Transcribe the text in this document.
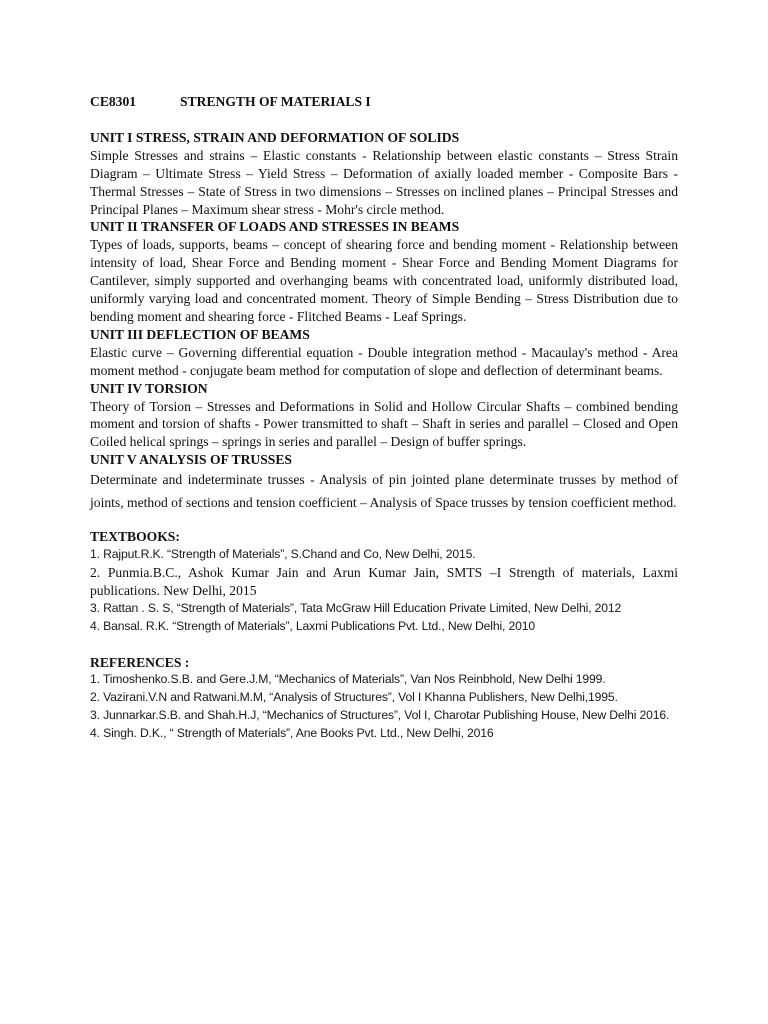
CE8301	STRENGTH OF MATERIALS I
UNIT I STRESS, STRAIN AND DEFORMATION OF SOLIDS

Simple Stresses and strains – Elastic constants - Relationship between elastic constants – Stress Strain Diagram – Ultimate Stress – Yield Stress – Deformation of axially loaded member - Composite Bars - Thermal Stresses – State of Stress in two dimensions – Stresses on inclined planes – Principal Stresses and Principal Planes – Maximum shear stress - Mohr's circle method.

UNIT II TRANSFER OF LOADS AND STRESSES IN BEAMS

Types of loads, supports, beams – concept of shearing force and bending moment - Relationship between intensity of load, Shear Force and Bending moment - Shear Force and Bending Moment Diagrams for Cantilever, simply supported and overhanging beams with concentrated load, uniformly distributed load, uniformly varying load and concentrated moment. Theory of Simple Bending – Stress Distribution due to bending moment and shearing force - Flitched Beams - Leaf Springs.

UNIT III DEFLECTION OF BEAMS

Elastic curve – Governing differential equation - Double integration method - Macaulay's method - Area moment method - conjugate beam method for computation of slope and deflection of determinant beams.

UNIT IV TORSION

Theory of Torsion – Stresses and Deformations in Solid and Hollow Circular Shafts – combined bending moment and torsion of shafts - Power transmitted to shaft – Shaft in series and parallel – Closed and Open Coiled helical springs – springs in series and parallel – Design of buffer springs.

UNIT V ANALYSIS OF TRUSSES

Determinate and indeterminate trusses - Analysis of pin jointed plane determinate trusses by method of joints, method of sections and tension coefficient – Analysis of Space trusses by tension coefficient method.

TEXTBOOKS:
1. Rajput.R.K. “Strength of Materials”, S.Chand and Co, New Delhi, 2015.
2. Punmia.B.C., Ashok Kumar Jain and Arun Kumar Jain, SMTS –I Strength of materials, Laxmi publications. New Delhi, 2015
3. Rattan . S. S, “Strength of Materials”, Tata McGraw Hill Education Private Limited, New Delhi, 2012
4. Bansal. R.K. “Strength of Materials”, Laxmi Publications Pvt. Ltd., New Delhi, 2010
REFERENCES :
1. Timoshenko.S.B. and Gere.J.M, “Mechanics of Materials”, Van Nos Reinbhold, New Delhi 1999.
2. Vazirani.V.N and Ratwani.M.M, “Analysis of Structures”, Vol I Khanna Publishers, New Delhi,1995.
3. Junnarkar.S.B. and Shah.H.J, “Mechanics of Structures”, Vol I, Charotar Publishing House, New Delhi 2016.
4. Singh. D.K., “ Strength of Materials”, Ane Books Pvt. Ltd., New Delhi, 2016
